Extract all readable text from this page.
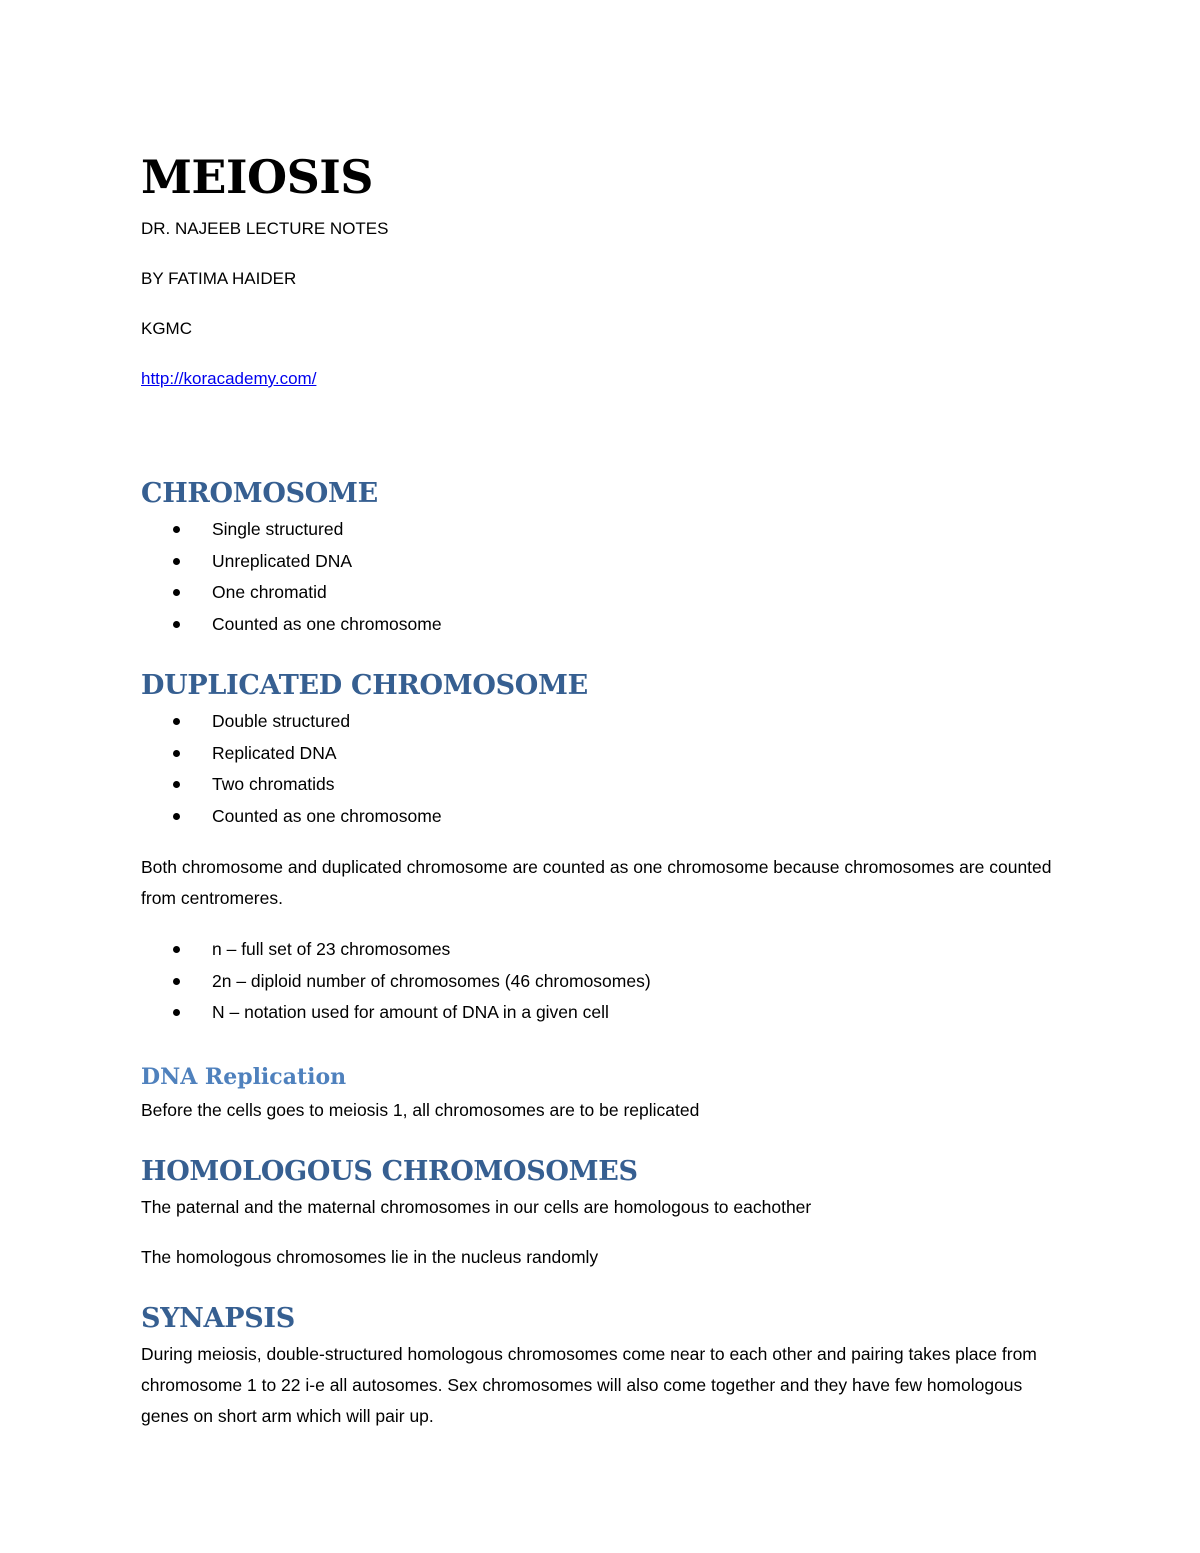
MEIOSIS

DR. NAJEEB LECTURE NOTES

BY FATIMA HAIDER

KGMC

http://koracademy.com/

CHROMOSOME
Single structured
Unreplicated DNA
One chromatid
Counted as one chromosome
DUPLICATED CHROMOSOME
Double structured
Replicated DNA
Two chromatids
Counted as one chromosome

Both chromosome and duplicated chromosome are counted as one chromosome because chromosomes are counted from centromeres.

n – full set of 23 chromosomes
2n – diploid number of chromosomes (46 chromosomes)
N – notation used for amount of DNA in a given cell
DNA Replication

Before the cells goes to meiosis 1, all chromosomes are to be replicated

HOMOLOGOUS CHROMOSOMES

The paternal and the maternal chromosomes in our cells are homologous to eachother

The homologous chromosomes lie in the nucleus randomly

SYNAPSIS

During meiosis, double-structured homologous chromosomes come near to each other and pairing takes place from chromosome 1 to 22 i-e all autosomes. Sex chromosomes will also come together and they have few homologous genes on short arm which will pair up.
